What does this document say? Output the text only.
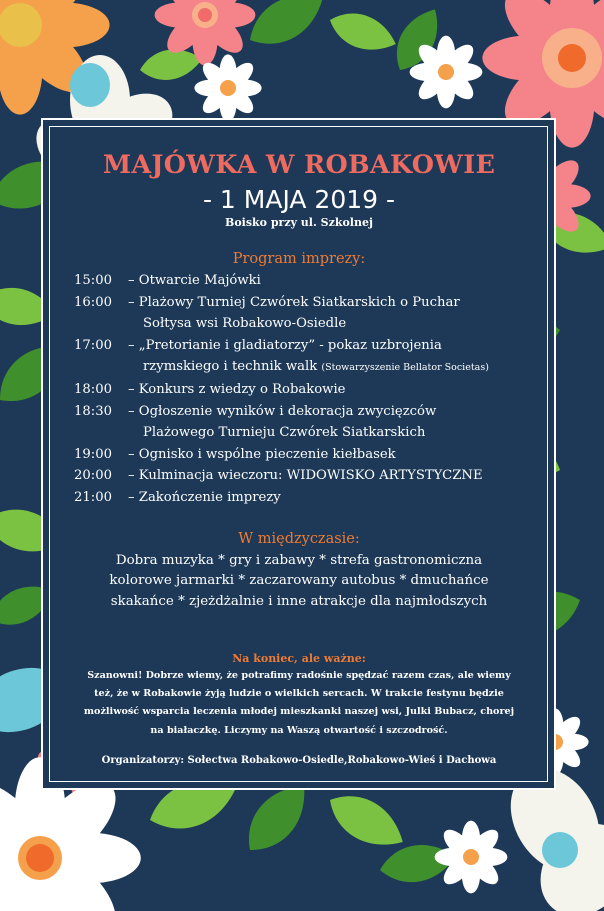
MAJÓWKA W ROBAKOWIE
- 1 MAJA 2019 -
Boisko przy ul. Szkolnej
Program imprezy:
15:00	– Otwarcie Majówki
16:00	– Plażowy Turniej Czwórek Siatkarskich o Puchar
Sołtysa wsi Robakowo-Osiedle
17:00	– „Pretorianie i gladiatorzy” - pokaz uzbrojenia
rzymskiego i technik walk (Stowarzyszenie Bellator Societas)
18:00	– Konkurs z wiedzy o Robakowie
18:30	– Ogłoszenie wyników i dekoracja zwycięzców
Plażowego Turnieju Czwórek Siatkarskich
19:00	– Ognisko i wspólne pieczenie kiełbasek
20:00	– Kulminacja wieczoru: WIDOWISKO ARTYSTYCZNE
21:00	– Zakończenie imprezy
W międzyczasie:
Dobra muzyka * gry i zabawy * strefa gastronomiczna
kolorowe jarmarki * zaczarowany autobus * dmuchańce
skakańce * zjeżdżalnie i inne atrakcje dla najmłodszych
Na koniec, ale ważne:
Szanowni! Dobrze wiemy, że potrafimy radośnie spędzać razem czas, ale wiemy
też, że w Robakowie żyją ludzie o wielkich sercach. W trakcie festynu będzie
możliwość wsparcia leczenia młodej mieszkanki naszej wsi, Julki Bubacz, chorej
na białaczkę. Liczymy na Waszą otwartość i szczodrość.
Organizatorzy: Sołectwa Robakowo-Osiedle,Robakowo-Wieś i Dachowa
